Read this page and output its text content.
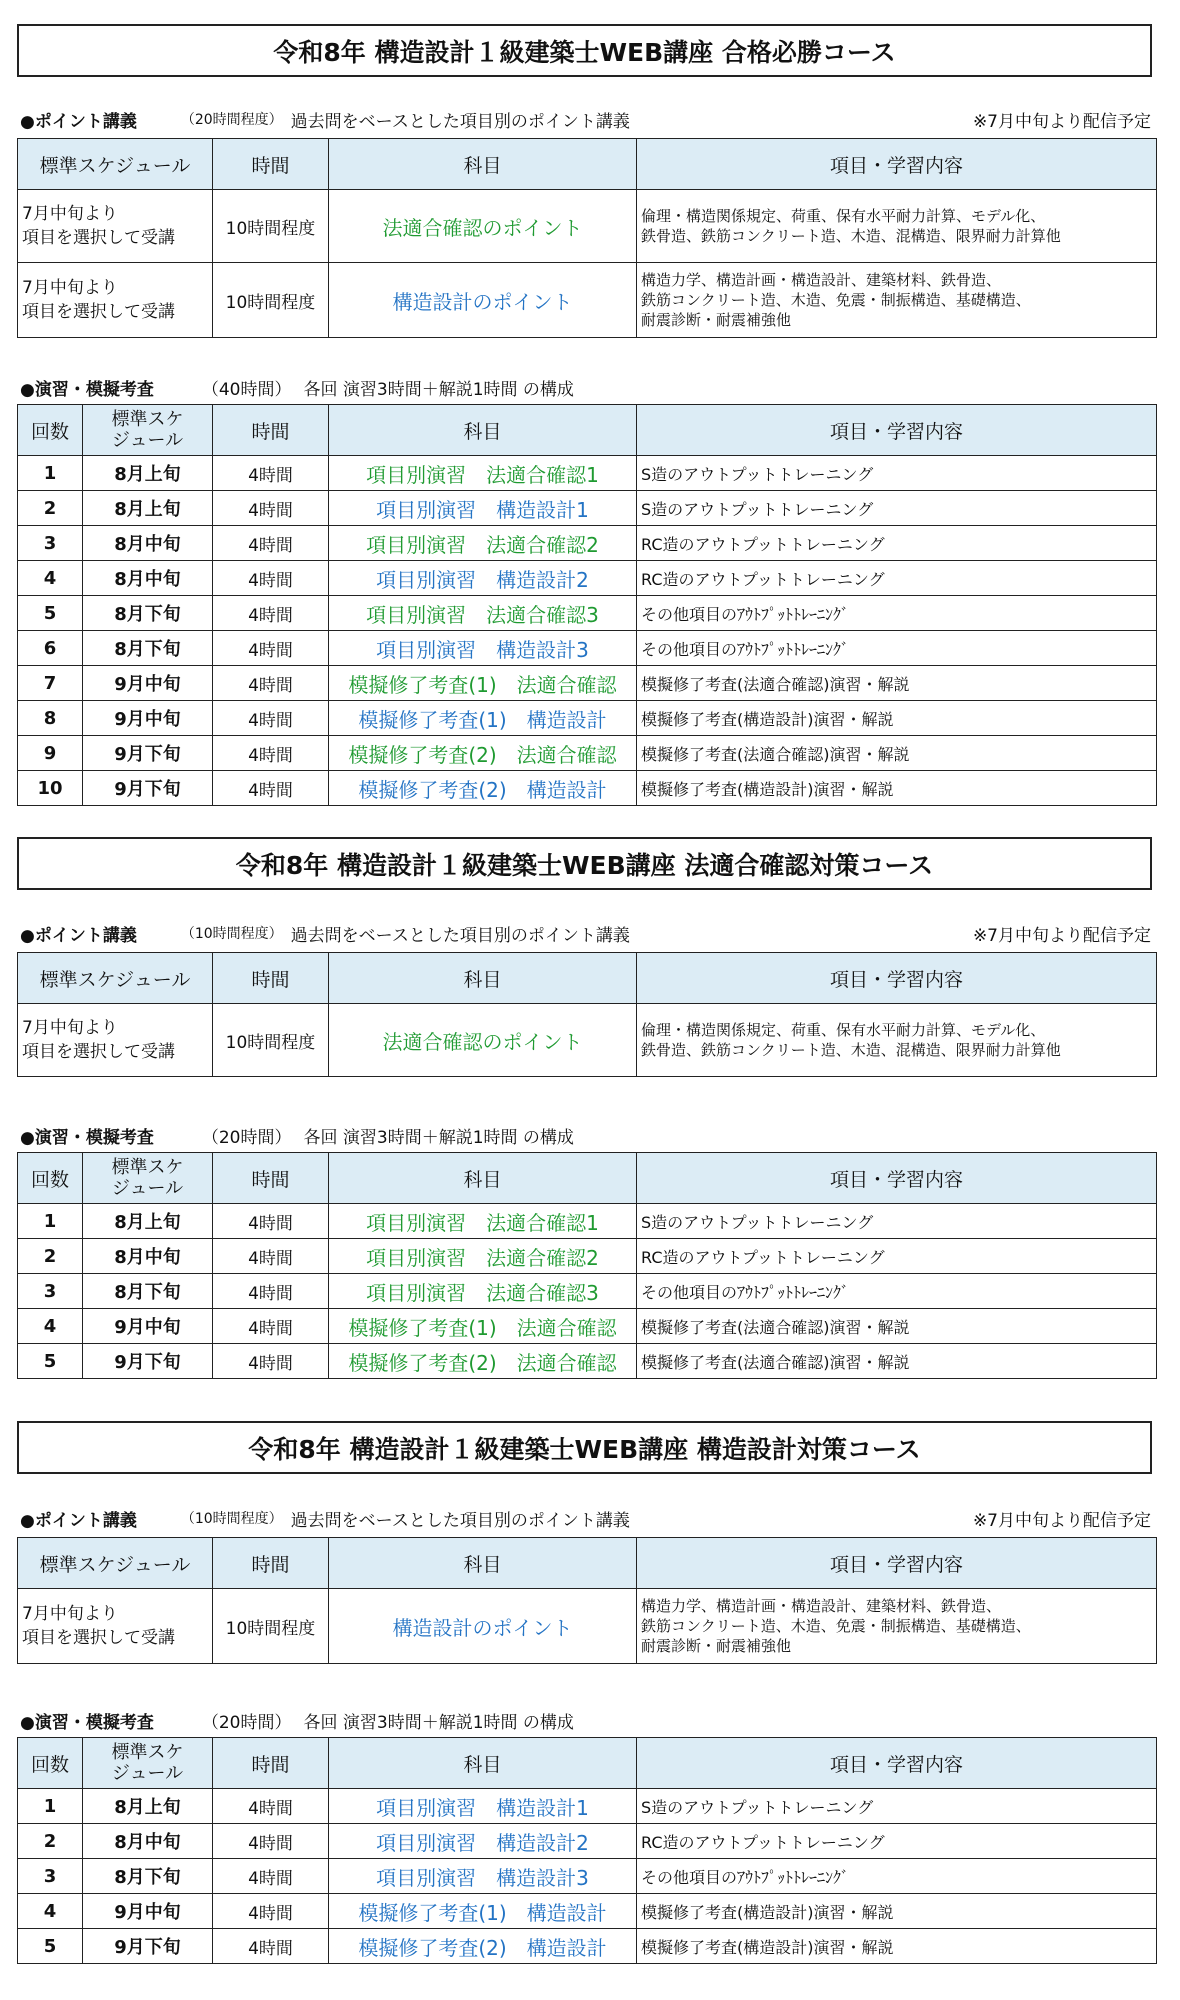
令和8年 構造設計１級建築士WEB講座 合格必勝コース
●ポイント講義	（20時間程度） 過去問をベースとした項目別のポイント講義	※7月中旬より配信予定
標準スケジュール	時間	科目	項目・学習内容
7月中旬より
項目を選択して受講	10時間程度	法適合確認のポイント	倫理・構造関係規定、荷重、保有水平耐力計算、モデル化、
鉄骨造、鉄筋コンクリート造、木造、混構造、限界耐力計算他
7月中旬より
項目を選択して受講	10時間程度	構造設計のポイント	構造力学、構造計画・構造設計、建築材料、鉄骨造、
鉄筋コンクリート造、木造、免震・制振構造、基礎構造、
耐震診断・耐震補強他
●演習・模擬考査	（40時間） 各回 演習3時間＋解説1時間 の構成
回数	標準スケ
ジュール	時間	科目	項目・学習内容
1	8月上旬	4時間	項目別演習　法適合確認1	S造のアウトプットトレーニング
2	8月上旬	4時間	項目別演習　構造設計1	S造のアウトプットトレーニング
3	8月中旬	4時間	項目別演習　法適合確認2	RC造のアウトプットトレーニング
4	8月中旬	4時間	項目別演習　構造設計2	RC造のアウトプットトレーニング
5	8月下旬	4時間	項目別演習　法適合確認3	その他項目のｱｳﾄﾌﾟｯﾄﾄﾚｰﾆﾝｸﾞ
6	8月下旬	4時間	項目別演習　構造設計3	その他項目のｱｳﾄﾌﾟｯﾄﾄﾚｰﾆﾝｸﾞ
7	9月中旬	4時間	模擬修了考査(1)　法適合確認	模擬修了考査(法適合確認)演習・解説
8	9月中旬	4時間	模擬修了考査(1)　構造設計	模擬修了考査(構造設計)演習・解説
9	9月下旬	4時間	模擬修了考査(2)　法適合確認	模擬修了考査(法適合確認)演習・解説
10	9月下旬	4時間	模擬修了考査(2)　構造設計	模擬修了考査(構造設計)演習・解説
令和8年 構造設計１級建築士WEB講座 法適合確認対策コース
●ポイント講義	（10時間程度） 過去問をベースとした項目別のポイント講義	※7月中旬より配信予定
標準スケジュール	時間	科目	項目・学習内容
7月中旬より
項目を選択して受講	10時間程度	法適合確認のポイント	倫理・構造関係規定、荷重、保有水平耐力計算、モデル化、
鉄骨造、鉄筋コンクリート造、木造、混構造、限界耐力計算他
●演習・模擬考査	（20時間） 各回 演習3時間＋解説1時間 の構成
回数	標準スケ
ジュール	時間	科目	項目・学習内容
1	8月上旬	4時間	項目別演習　法適合確認1	S造のアウトプットトレーニング
2	8月中旬	4時間	項目別演習　法適合確認2	RC造のアウトプットトレーニング
3	8月下旬	4時間	項目別演習　法適合確認3	その他項目のｱｳﾄﾌﾟｯﾄﾄﾚｰﾆﾝｸﾞ
4	9月中旬	4時間	模擬修了考査(1)　法適合確認	模擬修了考査(法適合確認)演習・解説
5	9月下旬	4時間	模擬修了考査(2)　法適合確認	模擬修了考査(法適合確認)演習・解説
令和8年 構造設計１級建築士WEB講座 構造設計対策コース
●ポイント講義	（10時間程度） 過去問をベースとした項目別のポイント講義	※7月中旬より配信予定
標準スケジュール	時間	科目	項目・学習内容
7月中旬より
項目を選択して受講	10時間程度	構造設計のポイント	構造力学、構造計画・構造設計、建築材料、鉄骨造、
鉄筋コンクリート造、木造、免震・制振構造、基礎構造、
耐震診断・耐震補強他
●演習・模擬考査	（20時間） 各回 演習3時間＋解説1時間 の構成
回数	標準スケ
ジュール	時間	科目	項目・学習内容
1	8月上旬	4時間	項目別演習　構造設計1	S造のアウトプットトレーニング
2	8月中旬	4時間	項目別演習　構造設計2	RC造のアウトプットトレーニング
3	8月下旬	4時間	項目別演習　構造設計3	その他項目のｱｳﾄﾌﾟｯﾄﾄﾚｰﾆﾝｸﾞ
4	9月中旬	4時間	模擬修了考査(1)　構造設計	模擬修了考査(構造設計)演習・解説
5	9月下旬	4時間	模擬修了考査(2)　構造設計	模擬修了考査(構造設計)演習・解説
